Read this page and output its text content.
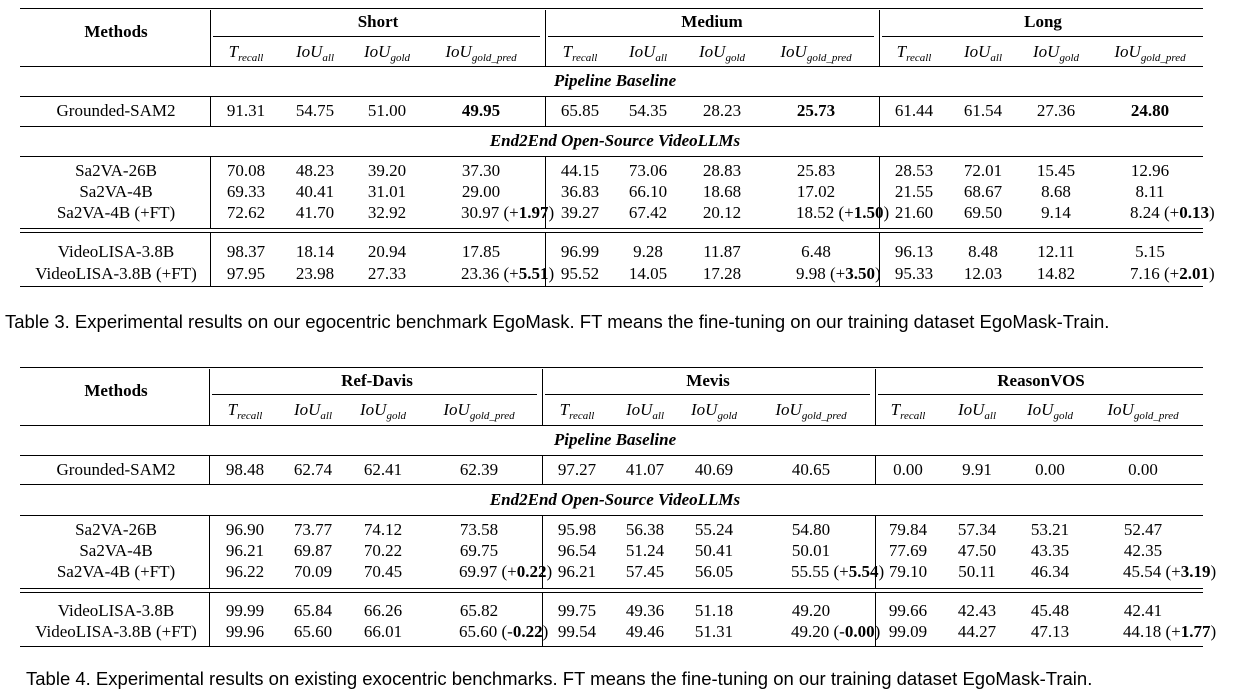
Methods
Short	Medium	Long
$T_{recall}$ IoU$_{all}$ IoU$_{gold}$ IoU$_{gold\_pred}$	$T_{recall}$ IoU$_{all}$ IoU$_{gold}$ IoU$_{gold\_pred}$	$T_{recall}$ IoU$_{all}$ IoU$_{gold}$ IoU$_{gold\_pred}$
Pipeline Baseline
End2End Open-Source VideoLLMs
Grounded-SAM2	91.31 54.75 51.00	49.95	65.85 54.35 28.23	25.73	61.44 61.54 27.36	24.80
Sa2VA-26B	70.08 48.23 39.20	37.30	44.15 73.06 28.83	25.83	28.53 72.01 15.45	12.96
Sa2VA-4B	69.33 40.41 31.01	29.00	36.83 66.10 18.68	17.02	21.55 68.67 8.68	8.11
Sa2VA-4B (+FT)	72.62 41.70 32.92	30.97 (+1.97) 39.27 67.42 20.12	18.52 (+1.50) 21.60 69.50 9.14	8.24 (+0.13)
VideoLISA-3.8B	98.37 18.14 20.94	17.85	96.99 9.28 11.87	6.48	96.13 8.48 12.11	5.15
VideoLISA-3.8B (+FT) 97.95 23.98 27.33	23.36 (+5.51) 95.52 14.05 17.28	9.98 (+3.50) 95.33 12.03 14.82	7.16 (+2.01)
Table 3. Experimental results on our egocentric benchmark EgoMask. FT means the fine-tuning on our training dataset EgoMask-Train.
Methods
Ref-Davis	Mevis	ReasonVOS
$T_{recall}$ IoU$_{all}$ IoU$_{gold}$ IoU$_{gold\_pred}$	$T_{recall}$ IoU$_{all}$ IoU$_{gold}$ IoU$_{gold\_pred}$	$T_{recall}$ IoU$_{all}$ IoU$_{gold}$ IoU$_{gold\_pred}$
Pipeline Baseline
End2End Open-Source VideoLLMs
Grounded-SAM2	98.48 62.74 62.41	62.39	97.27 41.07 40.69	40.65	0.00 9.91	0.00	0.00
Sa2VA-26B	96.90 73.77 74.12	73.58	95.98 56.38 55.24	54.80	79.84 57.34 53.21	52.47
Sa2VA-4B	96.21 69.87 70.22	69.75	96.54 51.24 50.41	50.01	77.69 47.50 43.35	42.35
Sa2VA-4B (+FT)	96.22 70.09 70.45	69.97 (+0.22) 96.21 57.45 56.05	55.55 (+5.54) 79.10 50.11 46.34	45.54 (+3.19)
VideoLISA-3.8B	99.99 65.84 66.26	65.82	99.75 49.36 51.18	49.20	99.66 42.43 45.48	42.41
VideoLISA-3.8B (+FT) 99.96 65.60 66.01	65.60 (-0.22) 99.54 49.46 51.31	49.20 (-0.00) 99.09 44.27 47.13	44.18 (+1.77)
Table 4. Experimental results on existing exocentric benchmarks. FT means the fine-tuning on our training dataset EgoMask-Train.
